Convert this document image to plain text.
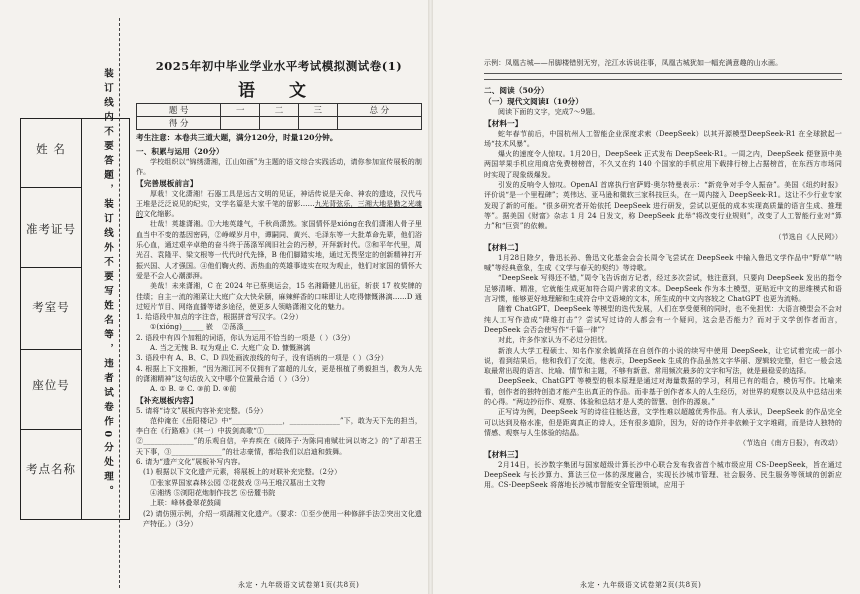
姓 名
准考证号
考室号
座位号
考点名称	装订线内不要答题，装订线外不要写姓名等，违者试卷作0分处理。
2025年初中毕业学业水平考试模拟测试卷(1)
语 文
题 号	一	二	三	总 分
得 分				

考生注意：本卷共三道大题，满分120分，时量120分钟。

一、积累与运用（20分）

学校组织以“锦绣潇湘，江山如画”为主题的语文综合实践活动，请你参加宣传展板的制作。

【完善展板前言】

厚栽！文化潇湘！石器工具是远古文明的见证，神话传说是天命、神农的遗迹，汉代马王堆是泛泛说见的纪实，文学名篇是大家千笔的留影……九光背弦乐，三湘大地是勤之光魂的文化缩影。

壮哉！英雄潇湘。①大地英雄气，千秋尚潇然。家国情怀是xióng在我们潇湘人骨子里血当中不变的基因密码，②峥嵘岁月中，谭嗣同、黄兴、毛泽东等一大批革命先辈，他们浴乐心血，通过艰辛卓绝的奋斗终于荡涤军阀旧社会的污秽，开拜新时代。③和平年代里，周光召、袁隆平、梁文根等一代代时代先锋，B 他们脚踏实地，通过无畏坚定的创新精神打开振兴国、人才强国。④他们鞠火药、沥热血的英雄事迹实在叹为观止，他们对家国的情怀大爱是不会人心潮澎湃。

美哉！未来潇湘，C 在 2024 年已蔡奥运会，15 名湘籍健儿出征，斩获 17 枚奖牌的佳绩；自主一流的湘菜让大庭广众大快朵颐，麻辣鲜香的口味即让人吃得慷慨淋漓……D 通过短片节目、网络直播等诸多途径，使更多人领略潇湘文化的魅力。

1. 给语段中加点的字注音，根据拼音写汉字。（2分）

①(xióng)______ 嵌 ②荡涤______

2. 语段中有四个加粗的词语，你认为运用不恰当的一项是（ ）（3分）

A. 当之无愧 B. 叹为观止 C. 大庭广众 D. 慷慨淋漓

3. 语段中有 A、B、C、D 四处画波浪线的句子，没有语病的一项是（ ）（3分）

4. 根据上下文推断，“因为湘江河不仅拥有了富超的儿女，更是根植了勇毅担当，教为人先的潇湘精神”这句话放入文中哪个位置最合适（ ）（3分）

A. ① B. ② C. ③前 D. ④前

【补充展板内容】

5. 请将“诗文”展板内容补充完整。（5分）

范仲淹在《岳阳楼记》中“______________，______________”下，敢为天下先的担当，李白在《行路难》（其一）中拔剑高歌“①______________

②______________”的乐观自信，辛弃疾在《破阵子·为陈同甫赋壮词以寄之》的“了却君王天下事，③______________”的壮志豪情，都给我们以启迪和鼓舞。

6. 请为“遗产文化”展板补写内容。

(1) 根据以下文化遗产元素，将展板上的对联补充完整。（2分）

①张家界国家森林公园 ②花鼓戏 ③马王堆汉墓出土文物

④湘绣 ⑤浏阳花炮制作技艺 ⑥岳麓书院

上联：峰林叠翠花鼓阔

(2) 请仿照示例，介绍一项湖湘文化遗产。（要求：①至少使用一种修辞手法②突出文化遗产特征。）（3分）

永定・九年级语文试卷第1页(共8页)

示例：凤凰古城——吊脚楼错别无穷，沱江水诉说往事，凤凰古城犹如一幅充满意趣的山水画。

二、阅读（50分）

（一）现代文阅读Ⅰ（10分）

阅读下面的文字，完成7～9题。

【材料一】

蛇年春节前后，中国杭州人工智能企业深度求索（DeepSeek）以其开源模型DeepSeek-R1 在全球掀起一场“技术风暴”。

爆火的速度令人惊叹。1月20日，DeepSeek 正式发布 DeepSeek-R1。一周之内，DeepSeek 便登顶中美两国苹果手机应用商店免费榜榜首，不久又在约 140 个国家的手机应用下载排行榜上占据榜首，在东西方市场同时实现了现象级爆发。

引发的反响令人惊叹。OpenAI 首席执行官萨姆·奥尔特曼表示：“新竞争对手令人振奋”。美国《纽约时报》评价说“是一个里程碑”；英伟达、亚马逊和微软三家科技巨头，在一周内接入 DeepSeek-R1。这让不少行业专家发现了新的可能。“很多研究者开始依托 DeepSeek 进行研发，尝试以更低的成本实现高质量的语言生成、推理等”。据美国《财富》杂志 1 月 24 日发文，称 DeepSeek 此举“将改变行业规则”，改变了人工智能行业对“算力”和“巨资”的依赖。

（节选自《人民网》）

【材料二】

1月28日除夕，鲁迅长孙、鲁迅文化基金会会长周令飞尝试在 DeepSeek 中输入鲁迅文学作品中“野草”“呐喊”等经典意象，生成《文学与春天的契约》等诗歌。

“DeepSeek 写得还不错，”周令飞告诉南方记者，经过多次尝试，他注意到，只要向 DeepSeek 发出的指令足够清晰、精准，它就能生成更加符合周户需求的文本。DeepSeek 作为本土模型，更贴近中文的思维模式和语言习惯，能够更好地理解和生成符合中文语境的文本，所生成的中文内容较之 ChatGPT 也更为流畅。

随着 ChatGPT、DeepSeek 等模型的迭代发展，人们在享受便利的同时，也不免担忧：大语言模型会不会对纯人工写作造成“降维打击”？尝试写过诗的人都会有一个疑问，这会是否能力？而对于文学创作者而言，DeepSeek 会否会使写作“千篇一律”？

对此，许多作家认为不必过分担忧。

新浪人大学工程硕士、知名作家余毓黄择在自创作的小说的续写中使用 DeepSeek，让它试着完成一部小说，看到结果后，他和我们了交流，他表示，DeepSeek 生成的作品虽然文字华丽、逻辑较完整，但它一般会选取最常出现的语言、比喻、情节和主题，不够有新意、常用频次最多的文字和写法，就是最稳妥的选择。

DeepSeek、ChatGPT 等模型的根本原理是通过对海量数据的学习，利用已有的组合，模仿写作。比喻来看，创作者的独特创造才能产生出真正的作品。而非基于创作者本人的人生经历，对世界的观察以及从中总结出来的心得。“两边抄衍作、观察、体验和总结才是人类的智慧、创作的源泉。”

正写诗为例，DeepSeek 写的诗往往能达意，文学性难以超越优秀作品。有人承认，DeepSeek 的作品完全可以达到及格水准，但是距离真正的诗人，还有很多道阶，因为，好的诗作并非依赖于文字堆砌，而是诗人独特的情感、观察与人生体验的结晶。

（节选自《南方日报》，有改动）

【材料三】

2月14日，长沙数字集团与国家超级计算长沙中心联合发布我省首个城市级应用 CS-DeepSeek，旨在通过 DeepSeek 与长沙算力、算法三位一体的深度融合，实现长沙城市管理、社会服务、民生服务等领域的创新应用。CS-DeepSeek 将落地长沙城市智能安全管理领域，应用于

永定・九年级语文试卷第2页(共8页)
